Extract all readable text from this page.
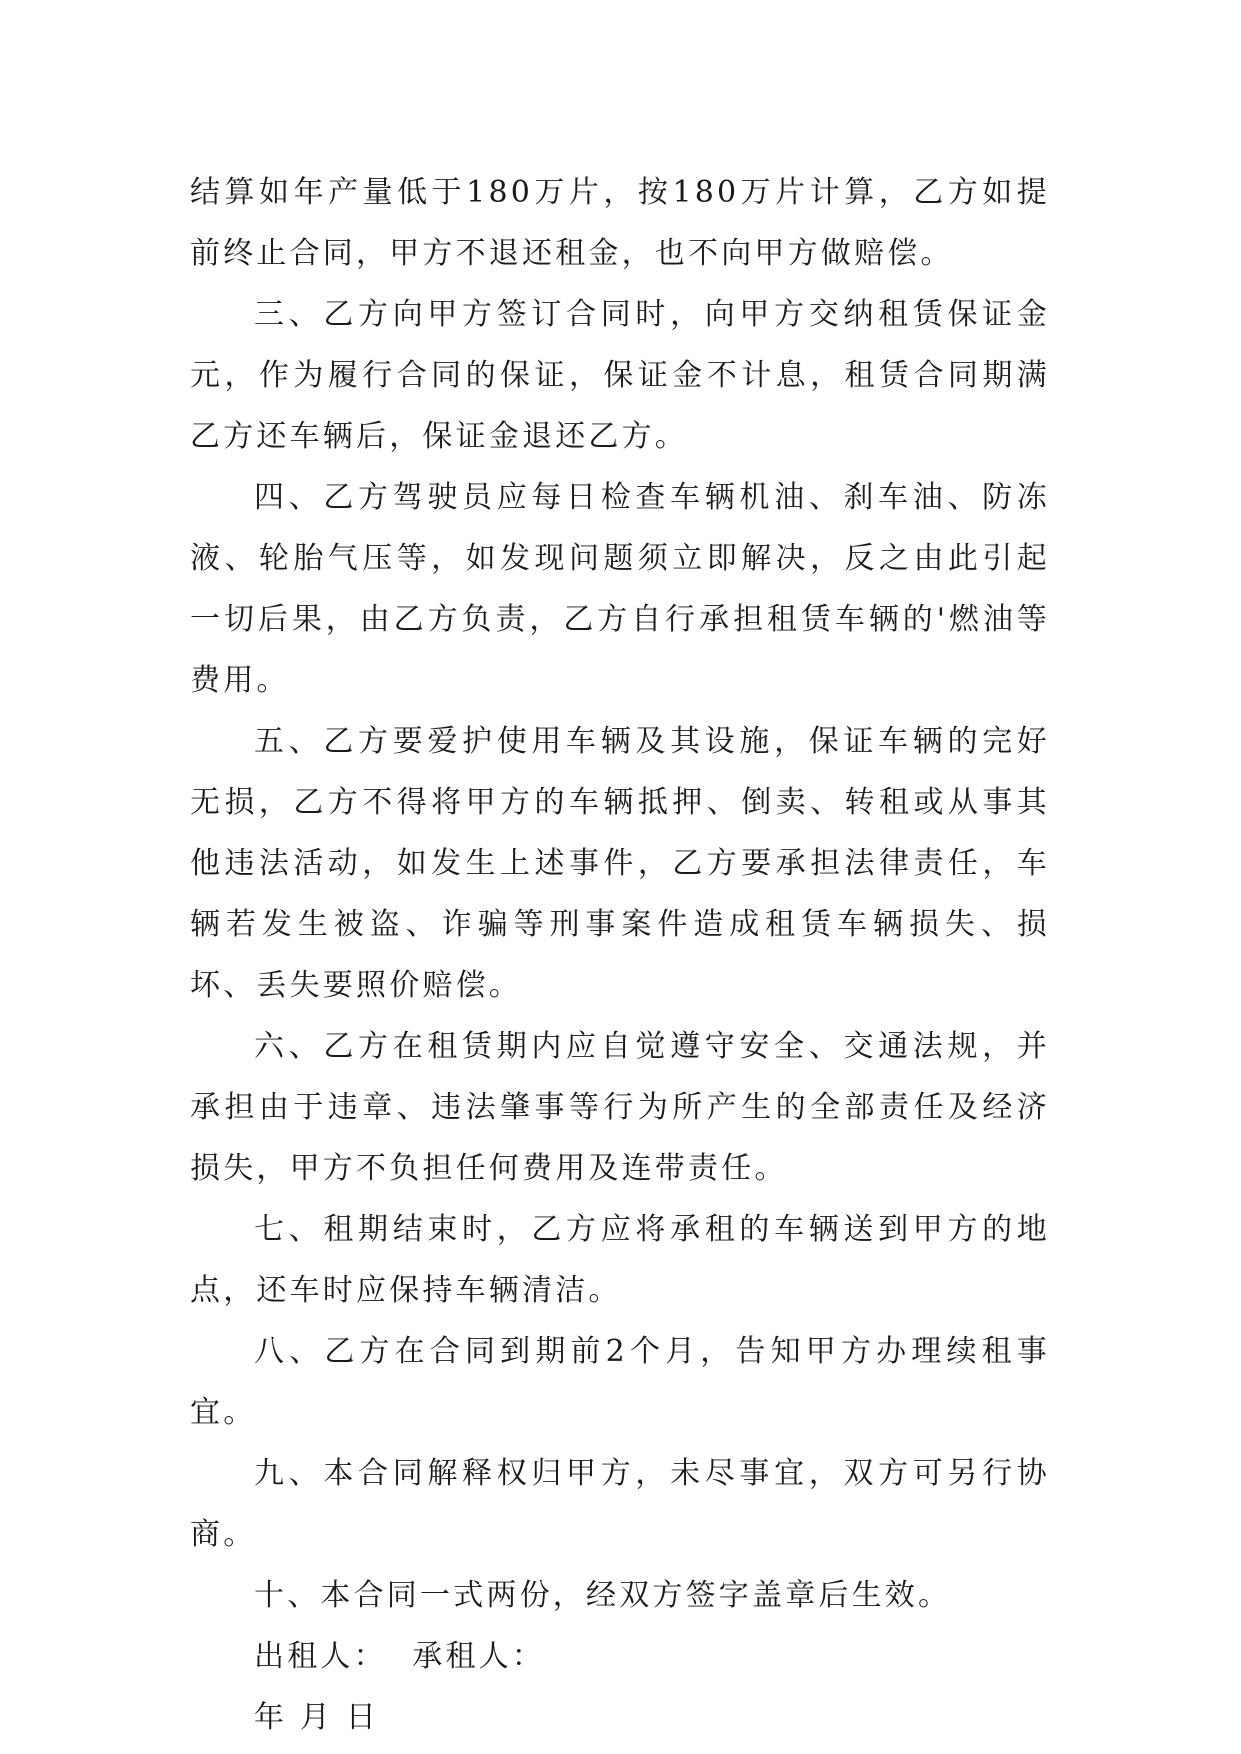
结算如年产量低于180万片，按180万片计算，乙方如提前终止合同，甲方不退还租金，也不向甲方做赔偿。

三、乙方向甲方签订合同时，向甲方交纳租赁保证金元，作为履行合同的保证，保证金不计息，租赁合同期满乙方还车辆后，保证金退还乙方。

四、乙方驾驶员应每日检查车辆机油、刹车油、防冻液、轮胎气压等，如发现问题须立即解决，反之由此引起一切后果，由乙方负责，乙方自行承担租赁车辆的'燃油等费用。

五、乙方要爱护使用车辆及其设施，保证车辆的完好无损，乙方不得将甲方的车辆抵押、倒卖、转租或从事其他违法活动，如发生上述事件，乙方要承担法律责任，车辆若发生被盗、诈骗等刑事案件造成租赁车辆损失、损坏、丢失要照价赔偿。

六、乙方在租赁期内应自觉遵守安全、交通法规，并承担由于违章、违法肇事等行为所产生的全部责任及经济损失，甲方不负担任何费用及连带责任。

七、租期结束时，乙方应将承租的车辆送到甲方的地点，还车时应保持车辆清洁。

八、乙方在合同到期前2个月，告知甲方办理续租事宜。

九、本合同解释权归甲方，未尽事宜，双方可另行协商。

十、本合同一式两份，经双方签字盖章后生效。

出租人： 承租人：

年 月 日
